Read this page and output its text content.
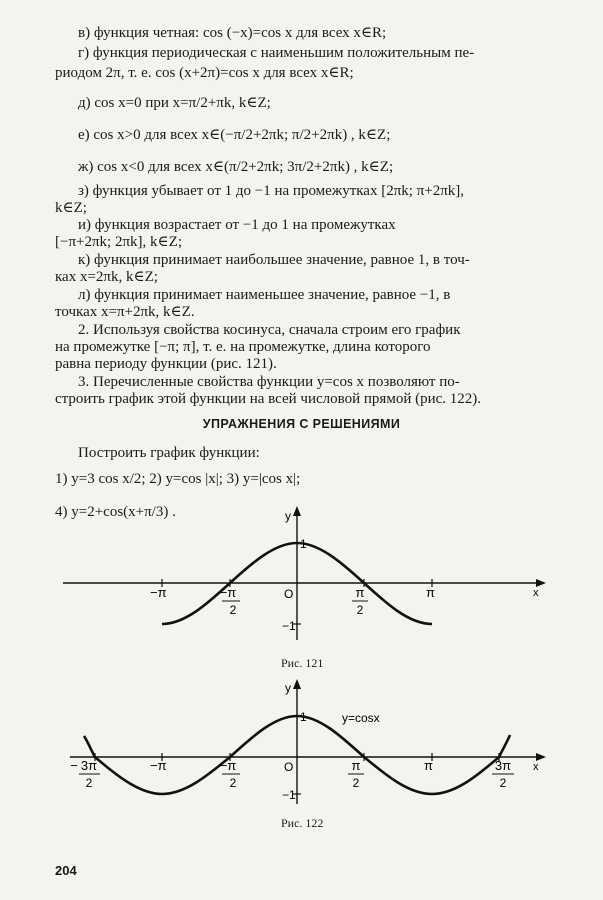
в) функция четная: cos (−x)=cos x для всех x∈R;
г) функция периодическая с наименьшим положительным пе-
риодом 2π, т. е. cos (x+2π)=cos x для всех x∈R;
д) cos x=0 при x=π/2+πk, k∈Z;
е) cos x>0 для всех x∈(−π/2+2πk; π/2+2πk) , k∈Z;
ж) cos x<0 для всех x∈(π/2+2πk; 3π/2+2πk) , k∈Z;
з) функция убывает от 1 до −1 на промежутках [2πk; π+2πk],
k∈Z;
и) функция возрастает от −1 до 1 на промежутках
[−π+2πk; 2πk], k∈Z;
к) функция принимает наибольшее значение, равное 1, в точ-
ках x=2πk, k∈Z;
л) функция принимает наименьшее значение, равное −1, в
точках x=π+2πk, k∈Z.
2. Используя свойства косинуса, сначала строим его график
на промежутке [−π; π], т. е. на промежутке, длина которого
равна периоду функции (рис. 121).
3. Перечисленные свойства функции y=cos x позволяют по-
строить график этой функции на всей числовой прямой (рис. 122).
УПРАЖНЕНИЯ С РЕШЕНИЯМИ
Построить график функции:
1) y=3 cos x/2; 2) y=cos |x|; 3) y=|cos x|;
4) y=2+cos(x+π/3) .
−π	−π
2
π
2
π
O
1
−1
y
x
Рис. 121
y=cosx
− 3π
2
−π	−π
2
π
2
π	3π
2
O
1
−1
y
x
Рис. 122
204
